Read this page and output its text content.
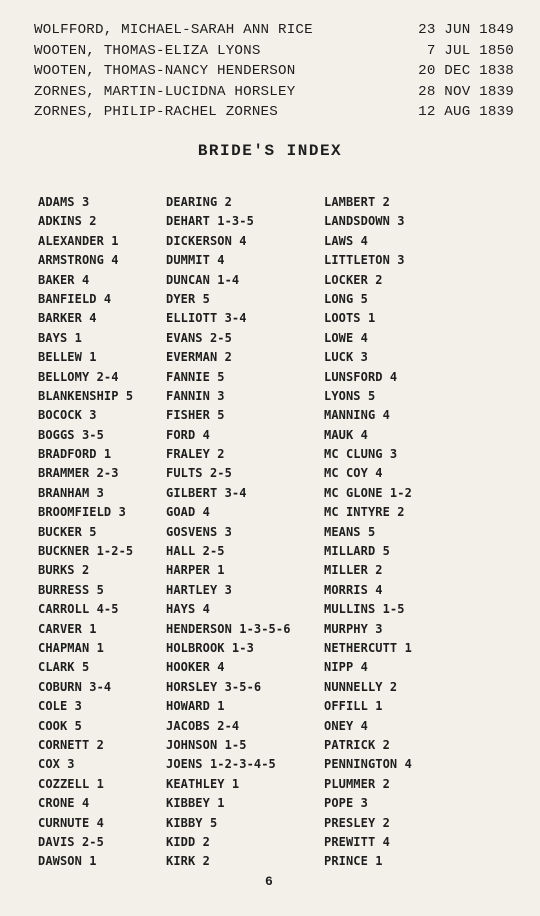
WOLFFORD, MICHAEL-SARAH ANN RICE	23 JUN 1849
WOOTEN, THOMAS-ELIZA LYONS	7 JUL 1850
WOOTEN, THOMAS-NANCY HENDERSON	20 DEC 1838
ZORNES, MARTIN-LUCIDNA HORSLEY	28 NOV 1839
ZORNES, PHILIP-RACHEL ZORNES	12 AUG 1839
BRIDE'S INDEX
ADAMS 3
ADKINS 2
ALEXANDER 1
ARMSTRONG 4
BAKER 4
BANFIELD 4
BARKER 4
BAYS 1
BELLEW 1
BELLOMY 2-4
BLANKENSHIP 5
BOCOCK 3
BOGGS 3-5
BRADFORD 1
BRAMMER 2-3
BRANHAM 3
BROOMFIELD 3
BUCKER 5
BUCKNER 1-2-5
BURKS 2
BURRESS 5
CARROLL 4-5
CARVER 1
CHAPMAN 1
CLARK 5
COBURN 3-4
COLE 3
COOK 5
CORNETT 2
COX 3
COZZELL 1
CRONE 4
CURNUTE 4
DAVIS 2-5
DAWSON 1
DEARING 2
DEHART 1-3-5
DICKERSON 4
DUMMIT 4
DUNCAN 1-4
DYER 5
ELLIOTT 3-4
EVANS 2-5
EVERMAN 2
FANNIE 5
FANNIN 3
FISHER 5
FORD 4
FRALEY 2
FULTS 2-5
GILBERT 3-4
GOAD 4
GOSVENS 3
HALL 2-5
HARPER 1
HARTLEY 3
HAYS 4
HENDERSON 1-3-5-6
HOLBROOK 1-3
HOOKER 4
HORSLEY 3-5-6
HOWARD 1
JACOBS 2-4
JOHNSON 1-5
JOENS 1-2-3-4-5
KEATHLEY 1
KIBBEY 1
KIBBY 5
KIDD 2
KIRK 2
LAMBERT 2
LANDSDOWN 3
LAWS 4
LITTLETON 3
LOCKER 2
LONG 5
LOOTS 1
LOWE 4
LUCK 3
LUNSFORD 4
LYONS 5
MANNING 4
MAUK 4
MC CLUNG 3
MC COY 4
MC GLONE 1-2
MC INTYRE 2
MEANS 5
MILLARD 5
MILLER 2
MORRIS 4
MULLINS 1-5
MURPHY 3
NETHERCUTT 1
NIPP 4
NUNNELLY 2
OFFILL 1
ONEY 4
PATRICK 2
PENNINGTON 4
PLUMMER 2
POPE 3
PRESLEY 2
PREWITT 4
PRINCE 1
6
